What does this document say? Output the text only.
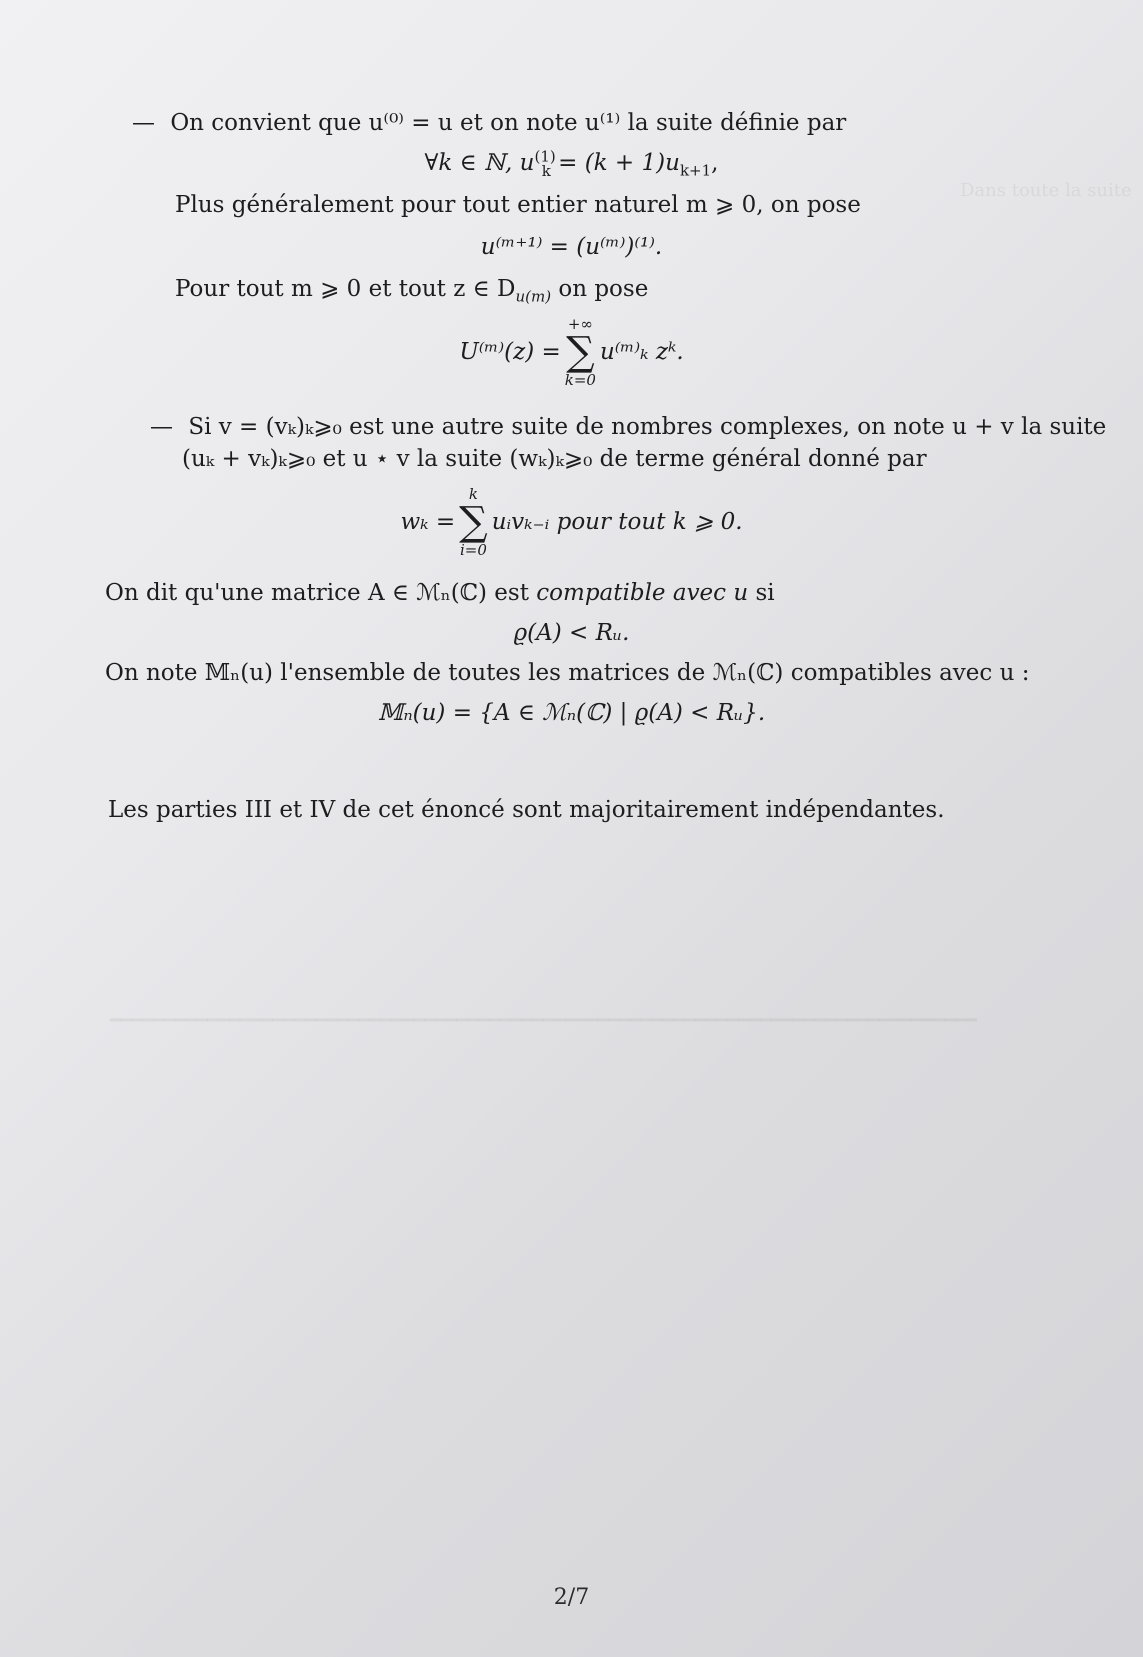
Dans toute la suite
— On convient que u⁽⁰⁾ = u et on note u⁽¹⁾ la suite définie par
∀k ∈ ℕ, $u^{(1)}_k = (k + 1)u_{k+1}$,
Plus généralement pour tout entier naturel m ⩾ 0, on pose
u⁽ᵐ⁺¹⁾ = (u⁽ᵐ⁾)⁽¹⁾.
Pour tout m ⩾ 0 et tout z ∈ $D_{u(m)}$ on pose
U⁽ᵐ⁾(z) =
+∞
∑
k=0
u⁽ᵐ⁾ₖ zᵏ.
— Si v = (vₖ)ₖ⩾₀ est une autre suite de nombres complexes, on note u + v la suite
(uₖ + vₖ)ₖ⩾₀ et u ⋆ v la suite (wₖ)ₖ⩾₀ de terme général donné par
wₖ =
k
∑
i=0
uᵢvₖ₋ᵢ pour tout k ⩾ 0.
On dit qu'une matrice A ∈ ℳₙ(ℂ) est compatible avec u si
ϱ(A) < Rᵤ.
On note 𝕄ₙ(u) l'ensemble de toutes les matrices de ℳₙ(ℂ) compatibles avec u :
𝕄ₙ(u) = {A ∈ ℳₙ(ℂ) | ϱ(A) < Rᵤ}.
Les parties III et IV de cet énoncé sont majoritairement indépendantes.
━━━━━━━━━━━━━━━━━━━━━━━━━━━━━━━━━━━━━━━━━━━━━━━━━━━━━━━━━━━━━━━━━━━━━━━━━━━━━━━━
2/7
